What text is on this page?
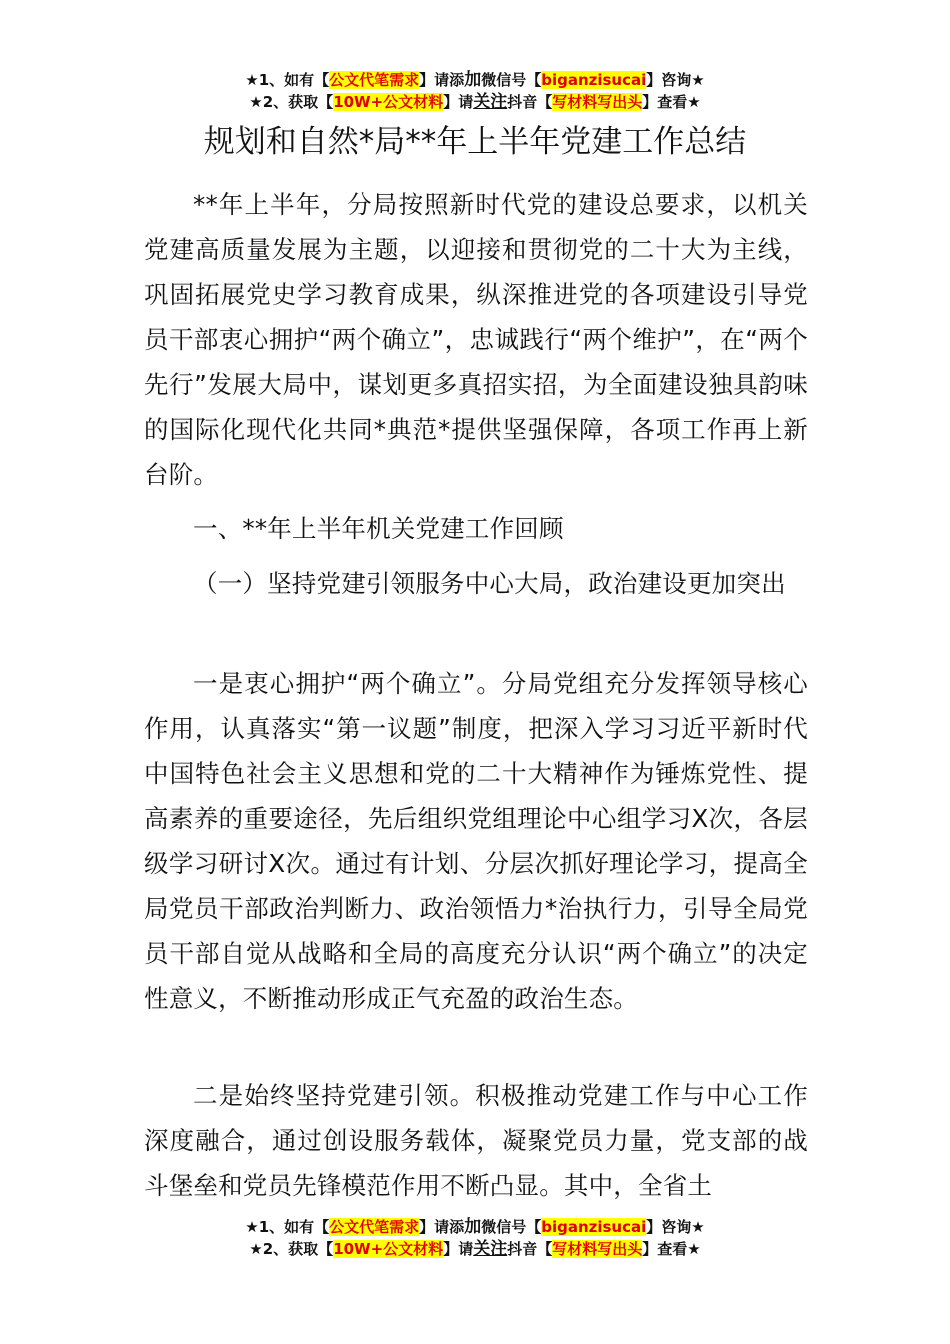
★1、如有【公文代笔需求】请添加微信号【biganzisucai】咨询★
★2、获取【10W+公文材料】请关注抖音【写材料写出头】查看★
规划和自然*局**年上半年党建工作总结

**年上半年，分局按照新时代党的建设总要求，以机关党建高质量发展为主题，以迎接和贯彻党的二十大为主线，巩固拓展党史学习教育成果，纵深推进党的各项建设引导党员干部衷心拥护“两个确立”，忠诚践行“两个维护”，在“两个先行”发展大局中，谋划更多真招实招，为全面建设独具韵味的国际化现代化共同*典范*提供坚强保障，各项工作再上新台阶。

一、**年上半年机关党建工作回顾

（一）坚持党建引领服务中心大局，政治建设更加突出

一是衷心拥护“两个确立”。分局党组充分发挥领导核心作用，认真落实“第一议题”制度，把深入学习习近平新时代中国特色社会主义思想和党的二十大精神作为锤炼党性、提高素养的重要途径，先后组织党组理论中心组学习X次，各层级学习研讨X次。通过有计划、分层次抓好理论学习，提高全局党员干部政治判断力、政治领悟力*治执行力，引导全局党员干部自觉从战略和全局的高度充分认识“两个确立”的决定性意义，不断推动形成正气充盈的政治生态。

二是始终坚持党建引领。积极推动党建工作与中心工作深度融合，通过创设服务载体，凝聚党员力量，党支部的战斗堡垒和党员先锋模范作用不断凸显。其中，全省土

★1、如有【公文代笔需求】请添加微信号【biganzisucai】咨询★
★2、获取【10W+公文材料】请关注抖音【写材料写出头】查看★
